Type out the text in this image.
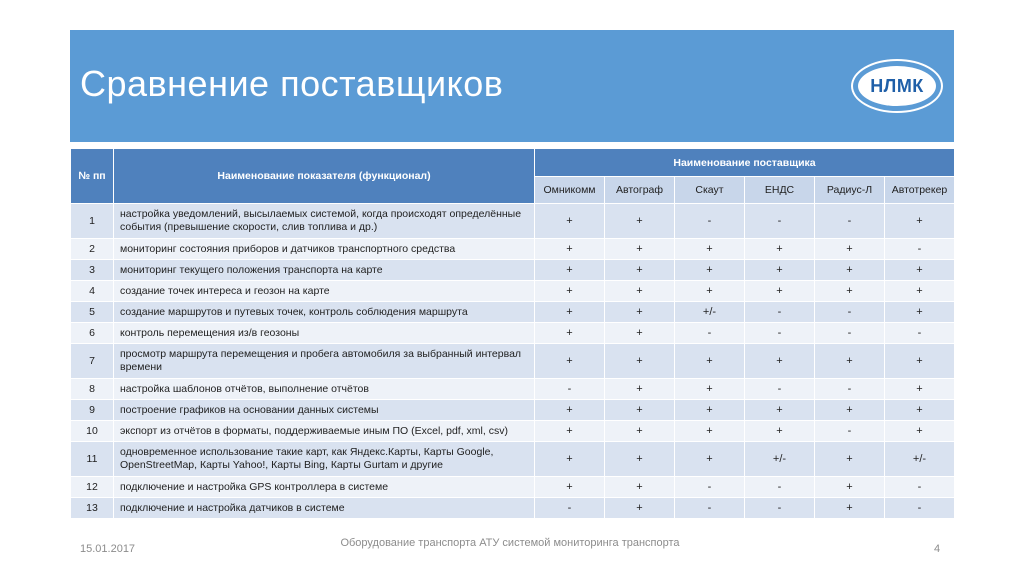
Сравнение поставщиков	НЛМК
№ пп	Наименование показателя (функционал)	Наименование поставщика					
		Омникомм	Автограф	Скаут	ЕНДС	Радиус-Л	Автотрекер
1	настройка уведомлений, высылаемых системой, когда происходят определённые события (превышение скорости, слив топлива и др.)	+	+	-	-	-	+
2	мониторинг состояния приборов и датчиков транспортного средства	+	+	+	+	+	-
3	мониторинг текущего положения транспорта на карте	+	+	+	+	+	+
4	создание точек интереса и геозон на карте	+	+	+	+	+	+
5	создание маршрутов и путевых точек, контроль соблюдения маршрута	+	+	+/-	-	-	+
6	контроль перемещения из/в геозоны	+	+	-	-	-	-
7	просмотр маршрута перемещения и пробега автомобиля за выбранный интервал времени	+	+	+	+	+	+
8	настройка шаблонов отчётов, выполнение отчётов	-	+	+	-	-	+
9	построение графиков на основании данных системы	+	+	+	+	+	+
10	экспорт из отчётов в форматы, поддерживаемые иным ПО (Excel, pdf, xml, csv)	+	+	+	+	-	+
11	одновременное использование такие карт, как Яндекс.Карты, Карты Google, OpenStreetMap, Карты Yahoo!, Карты Bing, Карты Gurtam и другие	+	+	+	+/-	+	+/-
12	подключение и настройка GPS контроллера в системе	+	+	-	-	+	-
13	подключение и настройка датчиков в системе	-	+	-	-	+	-
15.01.2017	Оборудование транспорта АТУ системой мониторинга транспорта	4
